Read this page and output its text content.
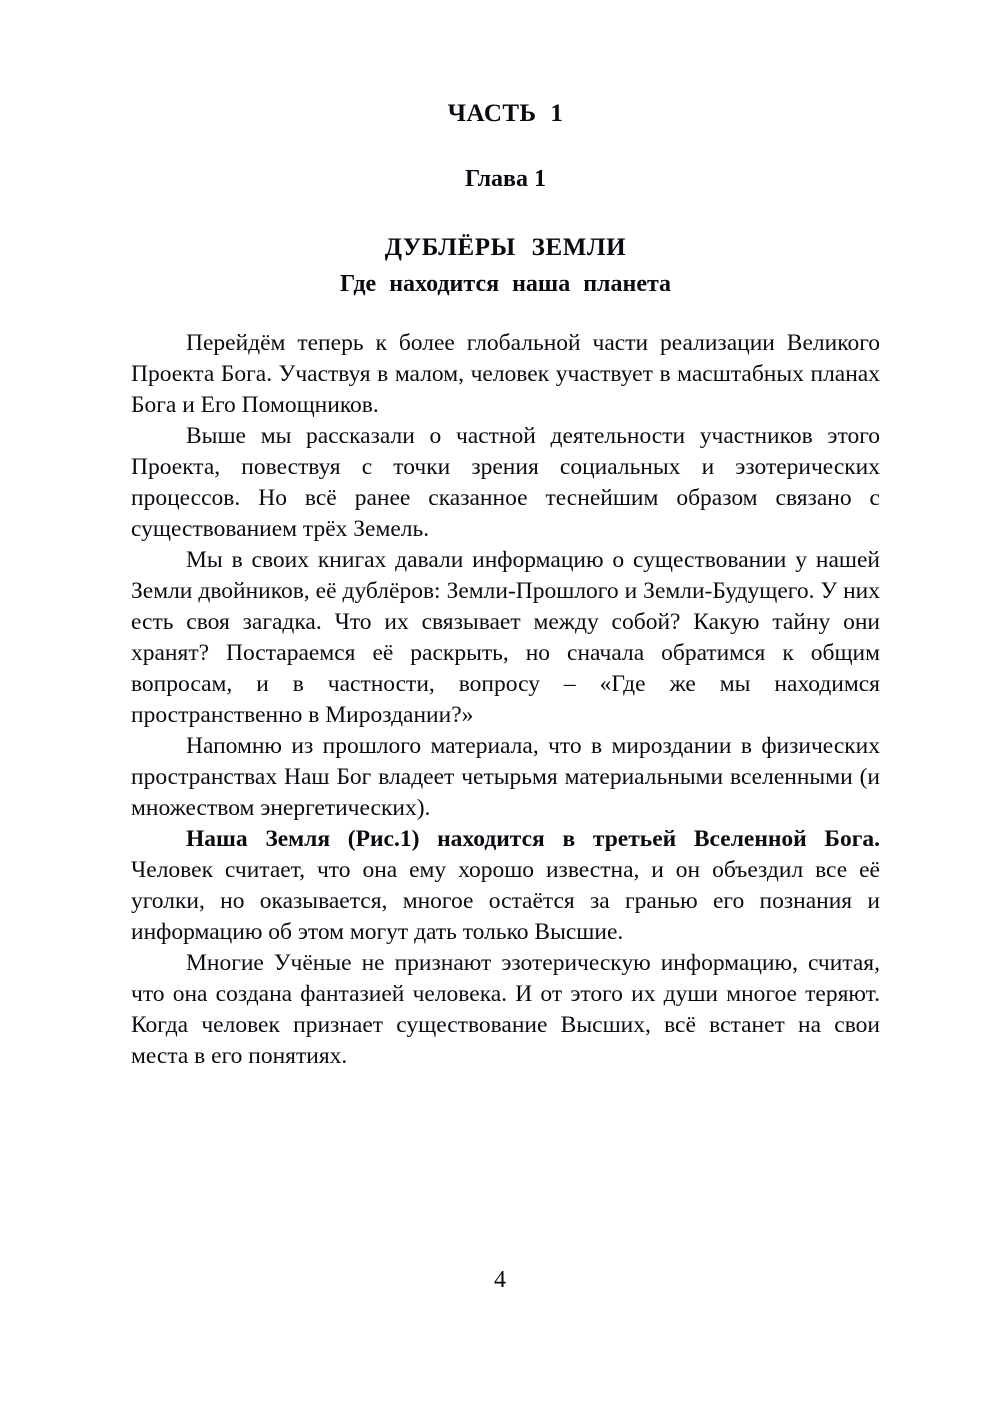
ЧАСТЬ 1
Глава 1
ДУБЛЁРЫ ЗЕМЛИ
Где находится наша планета

Перейдём теперь к более глобальной части реализации Великого Проекта Бога. Участвуя в малом, человек участвует в масштабных планах Бога и Его Помощников.

Выше мы рассказали о частной деятельности участников этого Проекта, повествуя с точки зрения социальных и эзотерических процессов. Но всё ранее сказанное теснейшим образом связано с существованием трёх Земель.

Мы в своих книгах давали информацию о существовании у нашей Земли двойников, её дублёров: Земли-Прошлого и Земли-Будущего. У них есть своя загадка. Что их связывает между собой? Какую тайну они хранят? Постараемся её раскрыть, но сначала обратимся к общим вопросам, и в частности, вопросу – «Где же мы находимся пространственно в Мироздании?»

Напомню из прошлого материала, что в мироздании в физических пространствах Наш Бог владеет четырьмя материальными вселенными (и множеством энергетических).

Наша Земля (Рис.1) находится в третьей Вселенной Бога. Человек считает, что она ему хорошо известна, и он объездил все её уголки, но оказывается, многое остаётся за гранью его познания и информацию об этом могут дать только Высшие.

Многие Учёные не признают эзотерическую информацию, считая, что она создана фантазией человека. И от этого их души многое теряют. Когда человек признает существование Высших, всё встанет на свои места в его понятиях.

4
